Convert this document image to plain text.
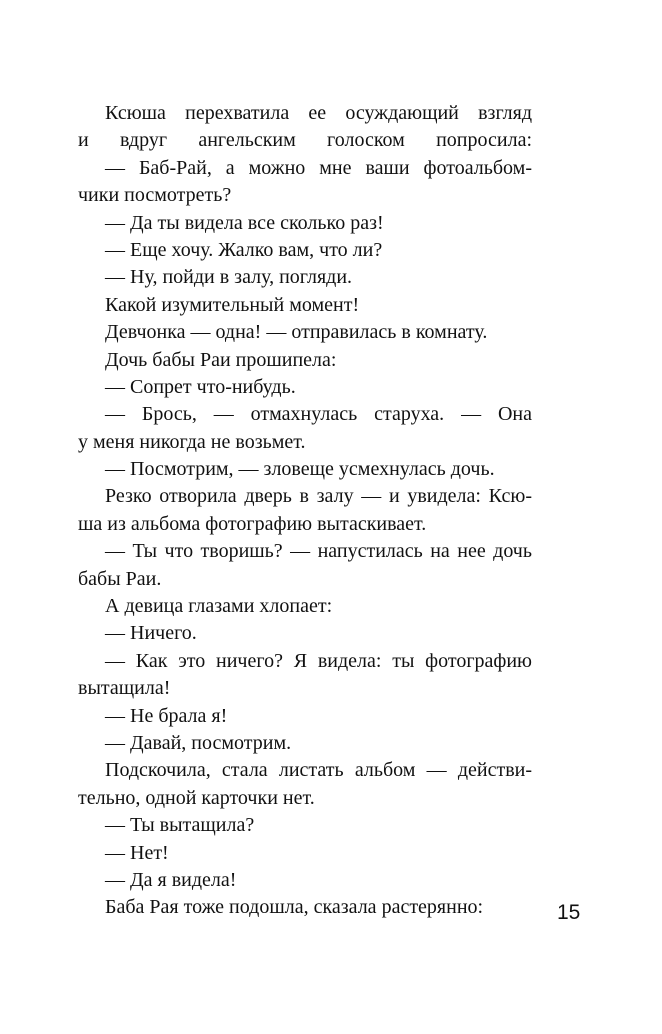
Ксюша перехватила ее осуждающий взгляд
и вдруг ангельским голоском попросила:
— Баб-Рай, а можно мне ваши фотоальбом-
чики посмотреть?
— Да ты видела все сколько раз!
— Еще хочу. Жалко вам, что ли?
— Ну, пойди в залу, погляди.
Какой изумительный момент!
Девчонка — одна! — отправилась в комнату.
Дочь бабы Раи прошипела:
— Сопрет что-нибудь.
— Брось, — отмахнулась старуха. — Она
у меня никогда не возьмет.
— Посмотрим, — зловеще усмехнулась дочь.
Резко отворила дверь в залу — и увидела: Ксю-
ша из альбома фотографию вытаскивает.
— Ты что творишь? — напустилась на нее дочь
бабы Раи.
А девица глазами хлопает:
— Ничего.
— Как это ничего? Я видела: ты фотографию
вытащила!
— Не брала я!
— Давай, посмотрим.
Подскочила, стала листать альбом — действи-
тельно, одной карточки нет.
— Ты вытащила?
— Нет!
— Да я видела!
Баба Рая тоже подошла, сказала растерянно:	15
